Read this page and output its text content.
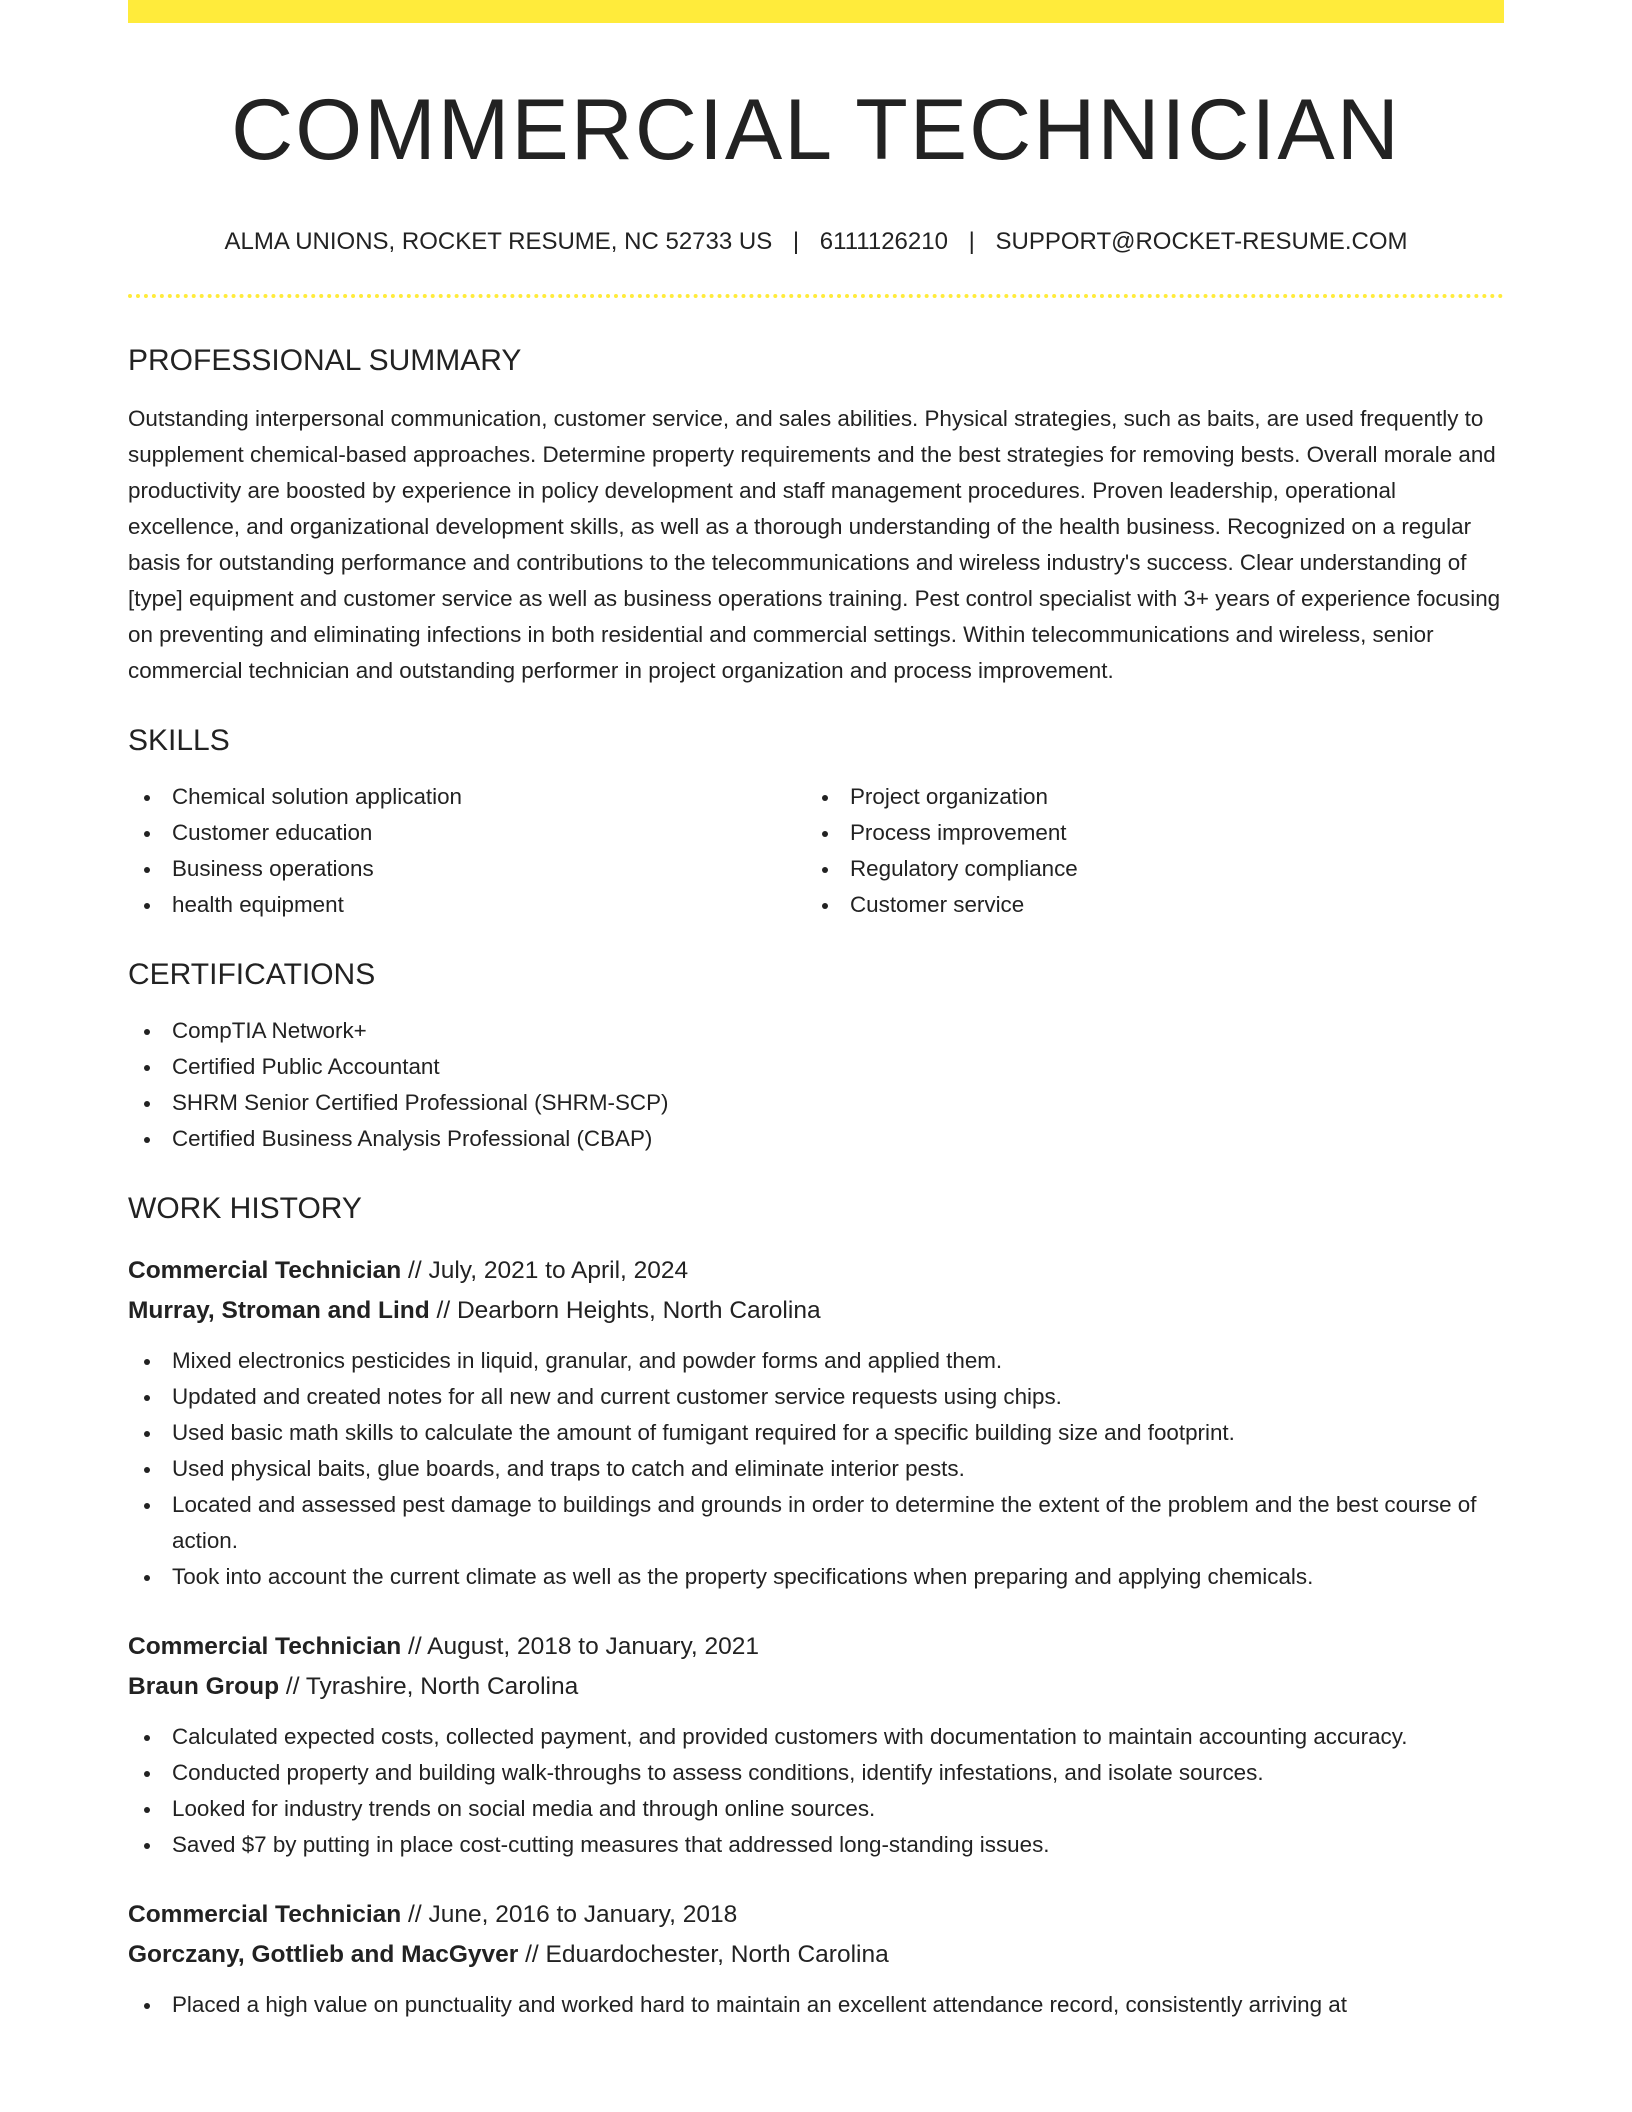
COMMERCIAL TECHNICIAN
ALMA UNIONS, ROCKET RESUME, NC 52733 US | 6111126210 | SUPPORT@ROCKET-RESUME.COM
PROFESSIONAL SUMMARY

Outstanding interpersonal communication, customer service, and sales abilities. Physical strategies, such as baits, are used frequently to supplement chemical-based approaches. Determine property requirements and the best strategies for removing bests. Overall morale and productivity are boosted by experience in policy development and staff management procedures. Proven leadership, operational excellence, and organizational development skills, as well as a thorough understanding of the health business. Recognized on a regular basis for outstanding performance and contributions to the telecommunications and wireless industry's success. Clear understanding of [type] equipment and customer service as well as business operations training. Pest control specialist with 3+ years of experience focusing on preventing and eliminating infections in both residential and commercial settings. Within telecommunications and wireless, senior commercial technician and outstanding performer in project organization and process improvement.

SKILLS
Chemical solution application
Customer education
Business operations
health equipment
Project organization
Process improvement
Regulatory compliance
Customer service
CERTIFICATIONS
CompTIA Network+
Certified Public Accountant
SHRM Senior Certified Professional (SHRM-SCP)
Certified Business Analysis Professional (CBAP)
WORK HISTORY
Commercial Technician // July, 2021 to April, 2024
Murray, Stroman and Lind // Dearborn Heights, North Carolina
Mixed electronics pesticides in liquid, granular, and powder forms and applied them.
Updated and created notes for all new and current customer service requests using chips.
Used basic math skills to calculate the amount of fumigant required for a specific building size and footprint.
Used physical baits, glue boards, and traps to catch and eliminate interior pests.
Located and assessed pest damage to buildings and grounds in order to determine the extent of the problem and the best course of action.
Took into account the current climate as well as the property specifications when preparing and applying chemicals.
Commercial Technician // August, 2018 to January, 2021
Braun Group // Tyrashire, North Carolina
Calculated expected costs, collected payment, and provided customers with documentation to maintain accounting accuracy.
Conducted property and building walk-throughs to assess conditions, identify infestations, and isolate sources.
Looked for industry trends on social media and through online sources.
Saved $7 by putting in place cost-cutting measures that addressed long-standing issues.
Commercial Technician // June, 2016 to January, 2018
Gorczany, Gottlieb and MacGyver // Eduardochester, North Carolina
Placed a high value on punctuality and worked hard to maintain an excellent attendance record, consistently arriving at
